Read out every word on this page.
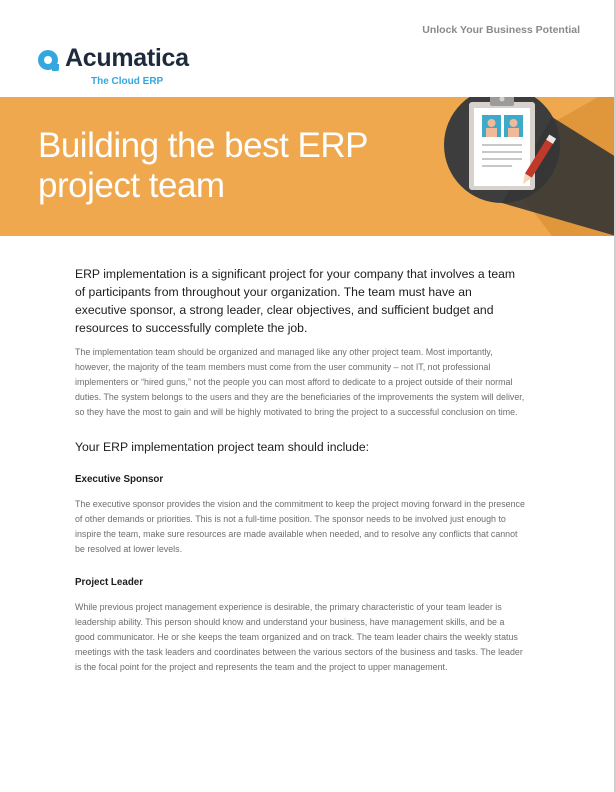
Unlock Your Business Potential
Acumatica
The Cloud ERP
Building the best ERP
project team

ERP implementation is a significant project for your company that involves a team of participants from throughout your organization. The team must have an executive sponsor, a strong leader, clear objectives, and sufficient budget and resources to successfully complete the job.

The implementation team should be organized and managed like any other project team. Most importantly, however, the majority of the team members must come from the user community – not IT, not professional implementers or “hired guns,” not the people you can most afford to dedicate to a project outside of their normal duties. The system belongs to the users and they are the beneficiaries of the improvements the system will deliver, so they have the most to gain and will be highly motivated to bring the project to a successful conclusion on time.

Your ERP implementation project team should include:
Executive Sponsor

The executive sponsor provides the vision and the commitment to keep the project moving forward in the presence of other demands or priorities. This is not a full-time position. The sponsor needs to be involved just enough to inspire the team, make sure resources are made available when needed, and to resolve any conflicts that cannot be resolved at lower levels.

Project Leader

While previous project management experience is desirable, the primary characteristic of your team leader is leadership ability. This person should know and understand your business, have management skills, and be a good communicator. He or she keeps the team organized and on track. The team leader chairs the weekly status meetings with the task leaders and coordinates between the various sectors of the business and tasks. The leader is the focal point for the project and represents the team and the project to upper management.
